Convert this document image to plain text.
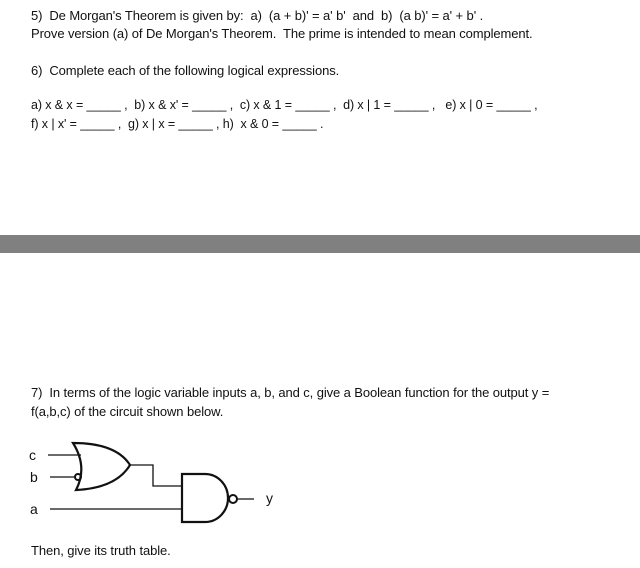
5)  De Morgan's Theorem is given by:  a)  (a + b)' = a' b'  and  b)  (a b)' = a' + b' .
Prove version (a) of De Morgan's Theorem.  The prime is intended to mean complement.
6)  Complete each of the following logical expressions.
a) x & x = _____ ,  b) x & x' = _____ ,  c) x & 1 = _____ ,  d) x | 1 = _____ ,   e) x | 0 = _____ ,
f) x | x' = _____ ,  g) x | x = _____ , h)  x & 0 = _____ .
7)  In terms of the logic variable inputs a, b, and c, give a Boolean function for the output y =
f(a,b,c) of the circuit shown below.
c
b
a
y
Then, give its truth table.
